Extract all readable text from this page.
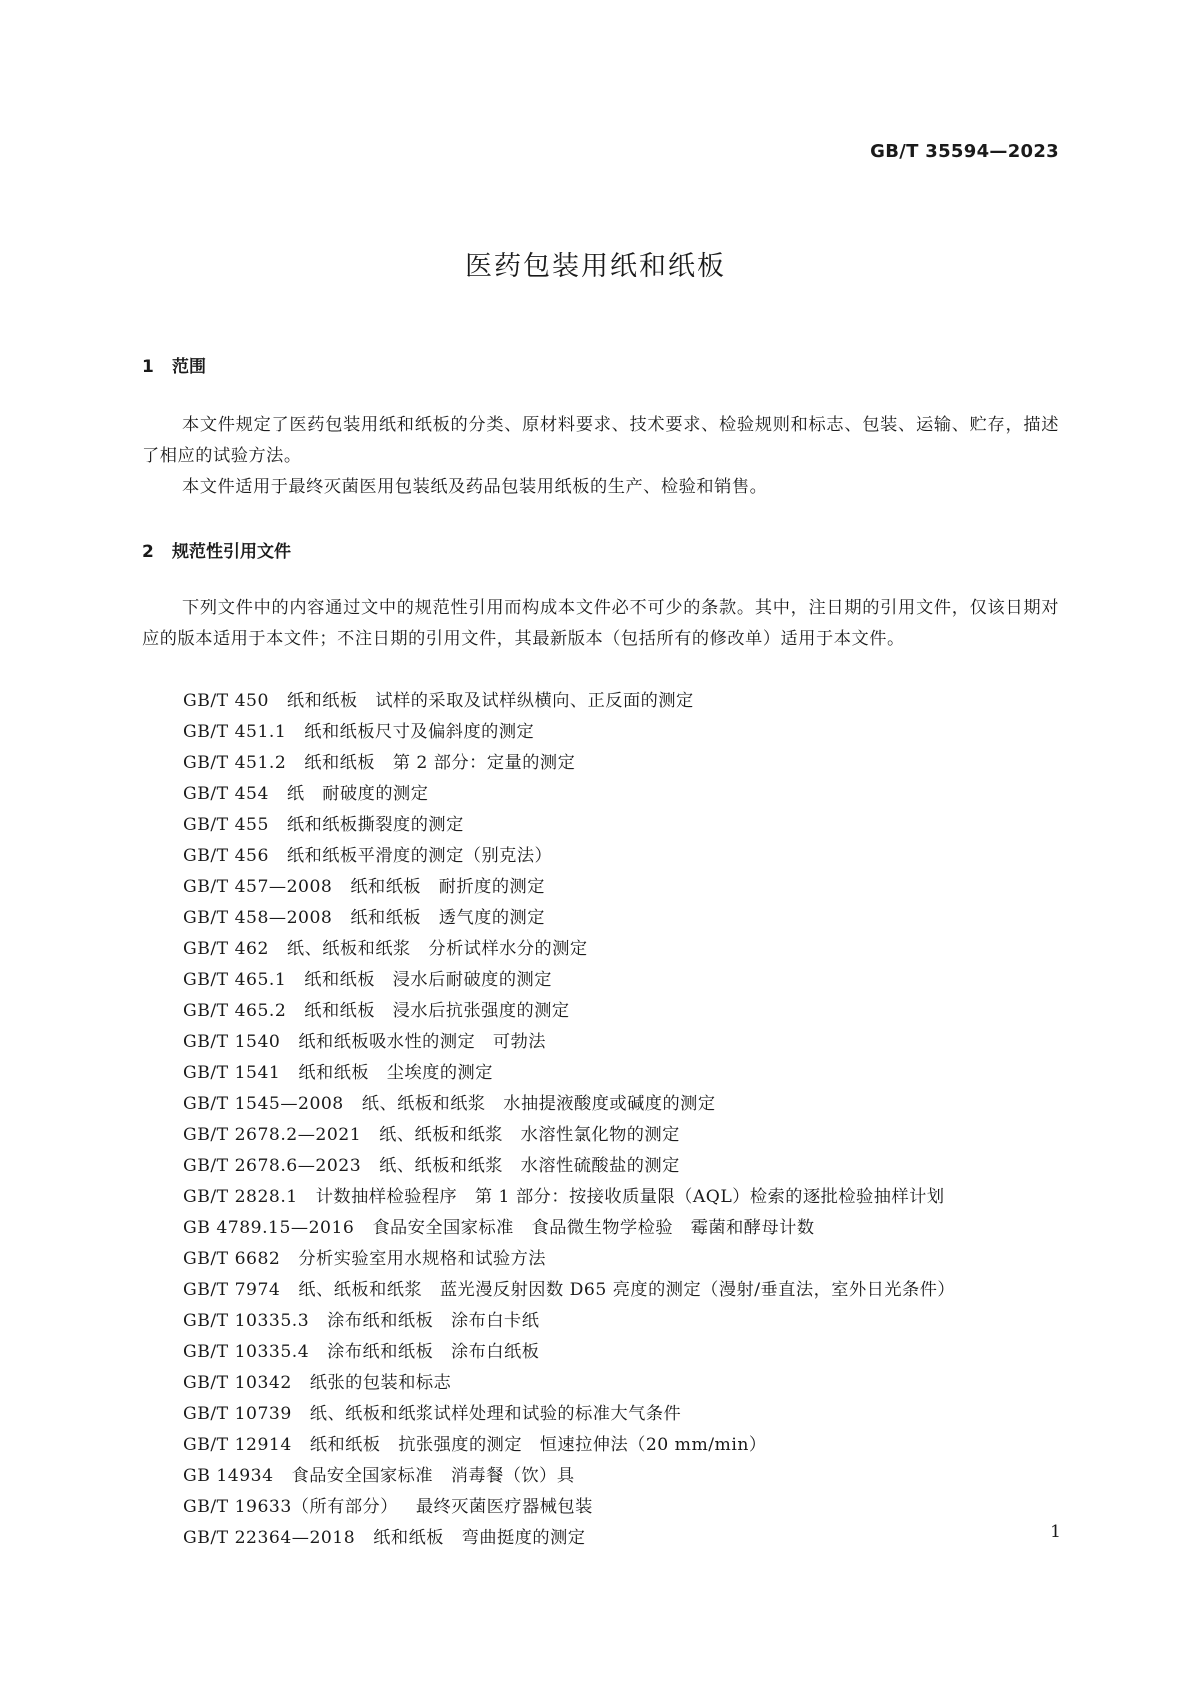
GB/T 35594—2023
医药包装用纸和纸板
1 范围
本文件规定了医药包装用纸和纸板的分类、原材料要求、技术要求、检验规则和标志、包装、运输、贮存，描述了相应的试验方法。
本文件适用于最终灭菌医用包装纸及药品包装用纸板的生产、检验和销售。
2 规范性引用文件
下列文件中的内容通过文中的规范性引用而构成本文件必不可少的条款。其中，注日期的引用文件，仅该日期对应的版本适用于本文件；不注日期的引用文件，其最新版本（包括所有的修改单）适用于本文件。
GB/T 450 纸和纸板　试样的采取及试样纵横向、正反面的测定
GB/T 451.1 纸和纸板尺寸及偏斜度的测定
GB/T 451.2 纸和纸板　第 2 部分：定量的测定
GB/T 454 纸　耐破度的测定
GB/T 455 纸和纸板撕裂度的测定
GB/T 456 纸和纸板平滑度的测定（别克法）
GB/T 457—2008 纸和纸板　耐折度的测定
GB/T 458—2008 纸和纸板　透气度的测定
GB/T 462 纸、纸板和纸浆　分析试样水分的测定
GB/T 465.1 纸和纸板　浸水后耐破度的测定
GB/T 465.2 纸和纸板　浸水后抗张强度的测定
GB/T 1540 纸和纸板吸水性的测定　可勃法
GB/T 1541 纸和纸板　尘埃度的测定
GB/T 1545—2008 纸、纸板和纸浆　水抽提液酸度或碱度的测定
GB/T 2678.2—2021 纸、纸板和纸浆　水溶性氯化物的测定
GB/T 2678.6—2023 纸、纸板和纸浆　水溶性硫酸盐的测定
GB/T 2828.1 计数抽样检验程序　第 1 部分：按接收质量限（AQL）检索的逐批检验抽样计划
GB 4789.15—2016 食品安全国家标准　食品微生物学检验　霉菌和酵母计数
GB/T 6682 分析实验室用水规格和试验方法
GB/T 7974 纸、纸板和纸浆　蓝光漫反射因数 D65 亮度的测定（漫射/垂直法，室外日光条件）
GB/T 10335.3 涂布纸和纸板　涂布白卡纸
GB/T 10335.4 涂布纸和纸板　涂布白纸板
GB/T 10342 纸张的包装和标志
GB/T 10739 纸、纸板和纸浆试样处理和试验的标准大气条件
GB/T 12914 纸和纸板　抗张强度的测定　恒速拉伸法（20 mm/min）
GB 14934 食品安全国家标准　消毒餐（饮）具
GB/T 19633（所有部分） 最终灭菌医疗器械包装
GB/T 22364—2018 纸和纸板　弯曲挺度的测定	1
